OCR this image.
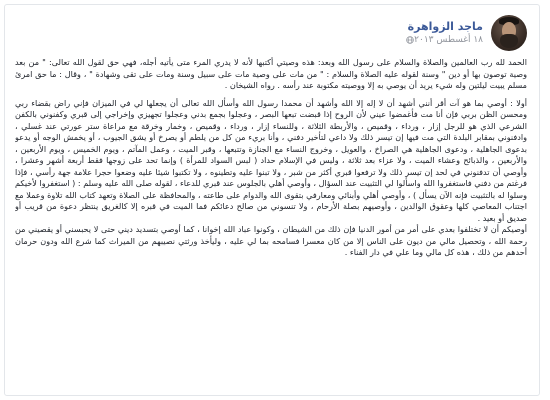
ماجد الزواهرة
١٨ أغسطس ٢٠١٣

الحمد لله رب العالمين والصلاة والسلام على رسول الله وبعد: هذه وصيتي أكتبها لأنه لا يدري المرء متى يأتيه أجله، فهي حق لقول الله تعالى: " من بعد وصية توصون بها أو دين " وسنة لقوله عليه الصلاة والسلام : " من مات على وصية مات على سبيل وسنة ومات على تقى وشهادة " ، وقال : ما حق امرئ مسلم يبيت ليلتين وله شيء يريد أن يوصي به إلا ووصيته مكتوبة عند رأسه . رواه الشيخان .

أولا : أوصي بما هو آت أقر أنني أشهد أن لا إله إلا الله وأشهد أن محمدا رسول الله وأسأل الله تعالى أن يجعلها لي في الميزان فإني راض بقضاء ربي ومحسن الظن بربي فإن أنا مت فأغمضوا عيني لأن الروح إذا قبضت تبعها البصر ، وعجلوا بجمع بدني وعجلوا تجهيزي وإخراجي إلى قبري وكفنوني بالكفن الشرعي الذي هو للرجل إزار ، ورداء ، وقميص ، والأربطة الثلاثة ، وللنساء إزار ، ورداء ، وقميص ، وخمار وخرقة مع مراعاة ستر عورتي عند غسلي ، وادفنوني بمقابر البلدة التي مت فيها إن تيسر ذلك ولا داعي لتأخير دفني ، وأنا بريء من كل من يلطم أو يصرخ أو يشق الجيوب ، أو يخمش الوجه أو يدعو بدعوى الجاهلية ، ودعوى الجاهلية هي الصراخ ، والعويل ، وخروج النساء مع الجنازة وتتبعها ، وقبر الميت ، وعمل المآتم ، ويوم الخميس ، ويوم الأربعين ، والأربعين ، والذبائح وعشاء الميت ، ولا عزاء بعد ثلاثة ، وليس في الإسلام حداد ( لبس السواد للمرأة ) وإنما تحد على زوجها فقط أربعة أشهر وعشرا ، وأوصي أن تدفنوني في لحد إن تيسر ذلك ولا ترفعوا قبري أكثر من شبر ، ولا تبنوا عليه وتطينوه ، ولا تكتبوا شيئا عليه وضعوا حجرا علامة جهة رأسي ، فإذا فرغتم من دفني فاستغفروا الله واسألوا لي التثبيت عند السؤال ، وأوصي أهلي بالجلوس عند قبري للدعاء ، لقوله صلى الله عليه وسلم : ( استغفروا لأخيكم وسلوا له بالتثبيت فإنه الآن يسأل ) ، وأوصي أهلي وأبنائي ومعارفي بتقوى الله والدوام على طاعته ، والمحافظة على الصلاة وتعهد كتاب الله تلاوة وعملا مع اجتناب المعاصي كلها وعقوق الوالدين ، وأوصيهم بصلة الأرحام ، ولا تنسوني من صالح دعائكم فما الميت في قبره إلا كالغريق ينتظر دعوة من قريب أو صديق أو بعيد .

أوصيكم أن لا تختلفوا بعدي على أمر من أمور الدنيا فإن ذلك من الشيطان ، وكونوا عباد الله إخوانا ، كما أوصي بتسديد ديني حتى لا يحبسني أو يقصيني من رحمة الله ، وتحصيل مالي من ديون على الناس إلا من كان معسرا فسامحه بما لي عليه ، وليأخذ ورثتي نصيبهم من الميراث كما شرع الله ودون حرمان أحدهم من ذلك ، هذه كل مالي وما علي في دار الفناء .
